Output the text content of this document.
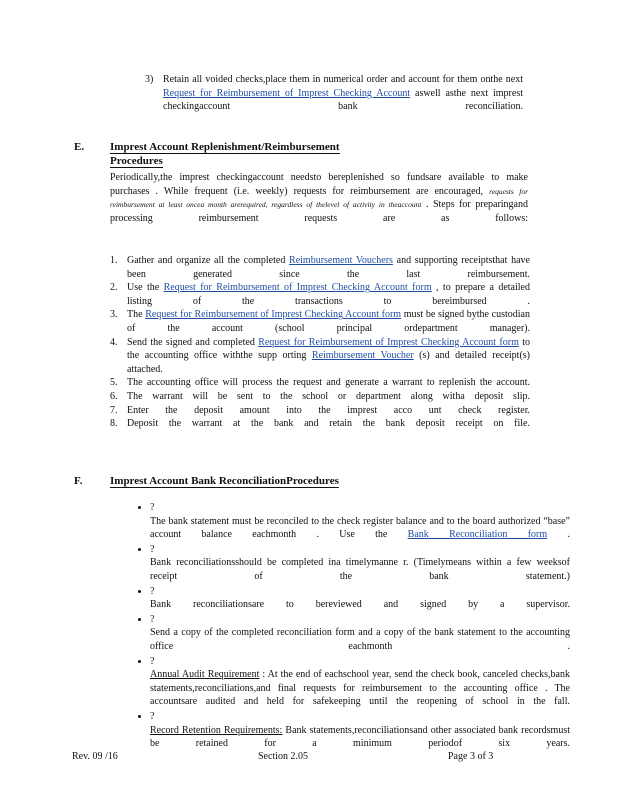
3) Retain all voided checks,place them in numerical order and account for them onthe next Request for Reimbursement of Imprest Checking Account aswell asthe next imprest checkingaccount bank reconciliation.

E. Imprest Account Replenishment/Reimbursement
Procedures

Periodically,the imprest checkingaccount needsto bereplenished so fundsare available to make purchases . While frequent (i.e. weekly) requests for reimbursement are encouraged, requests for reimbursement at least oncea month arerequired, regardless of thelevel of activity in theaccount . Steps for preparingand processing reimbursement requests are as follows:

1. Gather and organize all the completed Reimbursement Vouchers and supporting receiptsthat have been generated since the last reimbursement.

2. Use the Request for Reimbursement of Imprest Checking Account form , to prepare a detailed listing of the transactions to bereimbursed .

3. The Request for Reimbursement of Imprest Checking Account form must be signed bythe custodian of the account (school principal ordepartment manager).

4. Send the signed and completed Request for Reimbursement of Imprest Checking Account form to the accounting office withthe supp orting Reimbursement Voucher (s) and detailed receipt(s) attached.

5. The accounting office will process the request and generate a warrant to replenish the account.

6. The warrant will be sent to the school or department along witha deposit slip.

7. Enter the deposit amount into the imprest acco unt check register.

8. Deposit the warrant at the bank and retain the bank deposit receipt on file.

F.	Imprest Account Bank ReconciliationProcedures
• ?

The bank statement must be reconciled to the check register balance and to the board authorized “base” account balance eachmonth . Use the Bank Reconciliation form .

• ?

Bank reconciliationsshould be completed ina timelymanne r. (Timelymeans within a few weeksof receipt of the bank statement.)

• ?

Bank reconciliationsare to bereviewed and signed by a supervisor.

• ?

Send a copy of the completed reconciliation form and a copy of the bank statement to the accounting office eachmonth .

• ?

Annual Audit Requirement : At the end of eachschool year, send the check book, canceled checks,bank statements,reconciliations,and final requests for reimbursement to the accounting office . The accountsare audited and held for safekeeping until the reopening of school in the fall.

• ?

Record Retention Requirements: Bank statements,reconciliationsand other associated bank recordsmust be retained for a minimum periodof six years.

Rev. 09 /16	Section 2.05	Page 3 of 3
